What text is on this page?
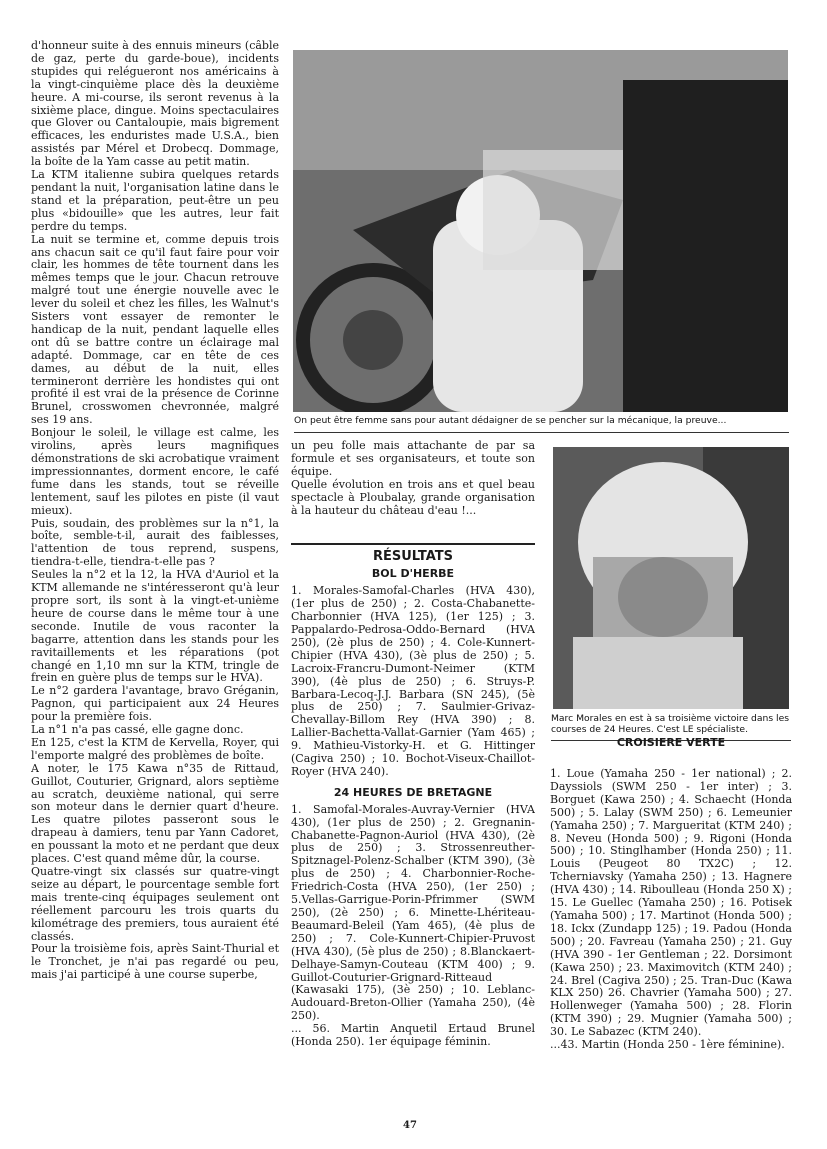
d'honneur suite à des ennuis mineurs (câble de gaz, perte du garde-boue), incidents stupides qui relégueront nos américains à la vingt-cinquième place dès la deuxième heure. A mi-course, ils seront revenus à la sixième place, dingue. Moins spectaculaires que Glover ou Cantaloupie, mais bigrement efficaces, les enduristes made U.S.A., bien assistés par Mérel et Drobecq. Dommage, la boîte de la Yam casse au petit matin.

La KTM italienne subira quelques retards pendant la nuit, l'organisation latine dans le stand et la préparation, peut-être un peu plus «bidouille» que les autres, leur fait perdre du temps.

La nuit se termine et, comme depuis trois ans chacun sait ce qu'il faut faire pour voir clair, les hommes de tête tournent dans les mêmes temps que le jour. Chacun retrouve malgré tout une énergie nouvelle avec le lever du soleil et chez les filles, les Walnut's Sisters vont essayer de remonter le handicap de la nuit, pendant laquelle elles ont dû se battre contre un éclairage mal adapté. Dommage, car en tête de ces dames, au début de la nuit, elles termineront derrière les hondistes qui ont profité il est vrai de la présence de Corinne Brunel, crosswomen chevronnée, malgré ses 19 ans.

Bonjour le soleil, le village est calme, les virolins, après leurs magnifiques démonstrations de ski acrobatique vraiment impressionnantes, dorment encore, le café fume dans les stands, tout se réveille lentement, sauf les pilotes en piste (il vaut mieux).

Puis, soudain, des problèmes sur la n°1, la boîte, semble-t-il, aurait des faiblesses, l'attention de tous reprend, suspens, tiendra-t-elle, tiendra-t-elle pas ?

Seules la n°2 et la 12, la HVA d'Auriol et la KTM allemande ne s'intéresseront qu'à leur propre sort, ils sont à la vingt-et-unième heure de course dans le même tour à une seconde. Inutile de vous raconter la bagarre, attention dans les stands pour les ravitaillements et les réparations (pot changé en 1,10 mn sur la KTM, tringle de frein en guère plus de temps sur le HVA).

Le n°2 gardera l'avantage, bravo Gréganin, Pagnon, qui participaient aux 24 Heures pour la première fois.

La n°1 n'a pas cassé, elle gagne donc.

En 125, c'est la KTM de Kervella, Royer, qui l'emporte malgré des problèmes de boîte.

A noter, le 175 Kawa n°35 de Rittaud, Guillot, Couturier, Grignard, alors septième au scratch, deuxième national, qui serre son moteur dans le dernier quart d'heure. Les quatre pilotes passeront sous le drapeau à damiers, tenu par Yann Cadoret, en poussant la moto et ne perdant que deux places. C'est quand même dûr, la course.

Quatre-vingt six classés sur quatre-vingt seize au départ, le pourcentage semble fort mais trente-cinq équipages seulement ont réellement parcouru les trois quarts du kilométrage des premiers, tous auraient été classés.

Pour la troisième fois, après Saint-Thurial et le Tronchet, je n'ai pas regardé ou peu, mais j'ai participé à une course superbe,

On peut être femme sans pour autant dédaigner de se pencher sur la mécanique, la preuve...

un peu folle mais attachante de par sa formule et ses organisateurs, et toute son équipe.

Quelle évolution en trois ans et quel beau spectacle à Ploubalay, grande organisation à la hauteur du château d'eau !...

RÉSULTATS
BOL D'HERBE

1. Morales-Samofal-Charles (HVA 430), (1er plus de 250) ; 2. Costa-Chabanette-Charbonnier (HVA 125), (1er 125) ; 3. Pappalardo-Pedrosa-Oddo-Bernard (HVA 250), (2è plus de 250) ; 4. Cole-Kunnert-Chipier (HVA 430), (3è plus de 250) ; 5. Lacroix-Francru-Dumont-Neimer (KTM 390), (4è plus de 250) ; 6. Struys-P. Barbara-Lecoq-J.J. Barbara (SN 245), (5è plus de 250) ; 7. Saulmier-Grivaz-Chevallay-Billom Rey (HVA 390) ; 8. Lallier-Bachetta-Vallat-Garnier (Yam 465) ; 9. Mathieu-Vistorky-H. et G. Hittinger (Cagiva 250) ; 10. Bochot-Viseux-Chaillot-Royer (HVA 240).

24 HEURES DE BRETAGNE

1. Samofal-Morales-Auvray-Vernier (HVA 430), (1er plus de 250) ; 2. Gregnanin-Chabanette-Pagnon-Auriol (HVA 430), (2è plus de 250) ; 3. Strossenreuther-Spitznagel-Polenz-Schalber (KTM 390), (3è plus de 250) ; 4. Charbonnier-Roche-Friedrich-Costa (HVA 250), (1er 250) ; 5.Vellas-Garrigue-Porin-Pfrimmer (SWM 250), (2è 250) ; 6. Minette-Lhériteau-Beaumard-Beleil (Yam 465), (4è plus de 250) ; 7. Cole-Kunnert-Chipier-Pruvost (HVA 430), (5è plus de 250) ; 8.Blanckaert-Delhaye-Samyn-Couteau (KTM 400) ; 9. Guillot-Couturier-Grignard-Ritteaud (Kawasaki 175), (3è 250) ; 10. Leblanc-Audouard-Breton-Ollier (Yamaha 250), (4è 250).

... 56. Martin Anquetil Ertaud Brunel (Honda 250). 1er équipage féminin.

Marc Morales en est à sa troisième victoire dans les courses de 24 Heures. C'est LE spécialiste.
CROISIERE VERTE

1. Loue (Yamaha 250 - 1er national) ; 2. Dayssiols (SWM 250 - 1er inter) ; 3. Borguet (Kawa 250) ; 4. Schaecht (Honda 500) ; 5. Lalay (SWM 250) ; 6. Lemeunier (Yamaha 250) ; 7. Margueritat (KTM 240) ; 8. Neveu (Honda 500) ; 9. Rigoni (Honda 500) ; 10. Stinglhamber (Honda 250) ; 11. Louis (Peugeot 80 TX2C) ; 12. Tcherniavsky (Yamaha 250) ; 13. Hagnere (HVA 430) ; 14. Riboulleau (Honda 250 X) ; 15. Le Guellec (Yamaha 250) ; 16. Potisek (Yamaha 500) ; 17. Martinot (Honda 500) ; 18. Ickx (Zundapp 125) ; 19. Padou (Honda 500) ; 20. Favreau (Yamaha 250) ; 21. Guy (HVA 390 - 1er Gentleman ; 22. Dorsimont (Kawa 250) ; 23. Maximovitch (KTM 240) ; 24. Brel (Cagiva 250) ; 25. Tran-Duc (Kawa KLX 250) 26. Chavrier (Yamaha 500) ; 27. Hollenweger (Yamaha 500) ; 28. Florin (KTM 390) ; 29. Mugnier (Yamaha 500) ; 30. Le Sabazec (KTM 240).

...43. Martin (Honda 250 - 1ère féminine).

47
